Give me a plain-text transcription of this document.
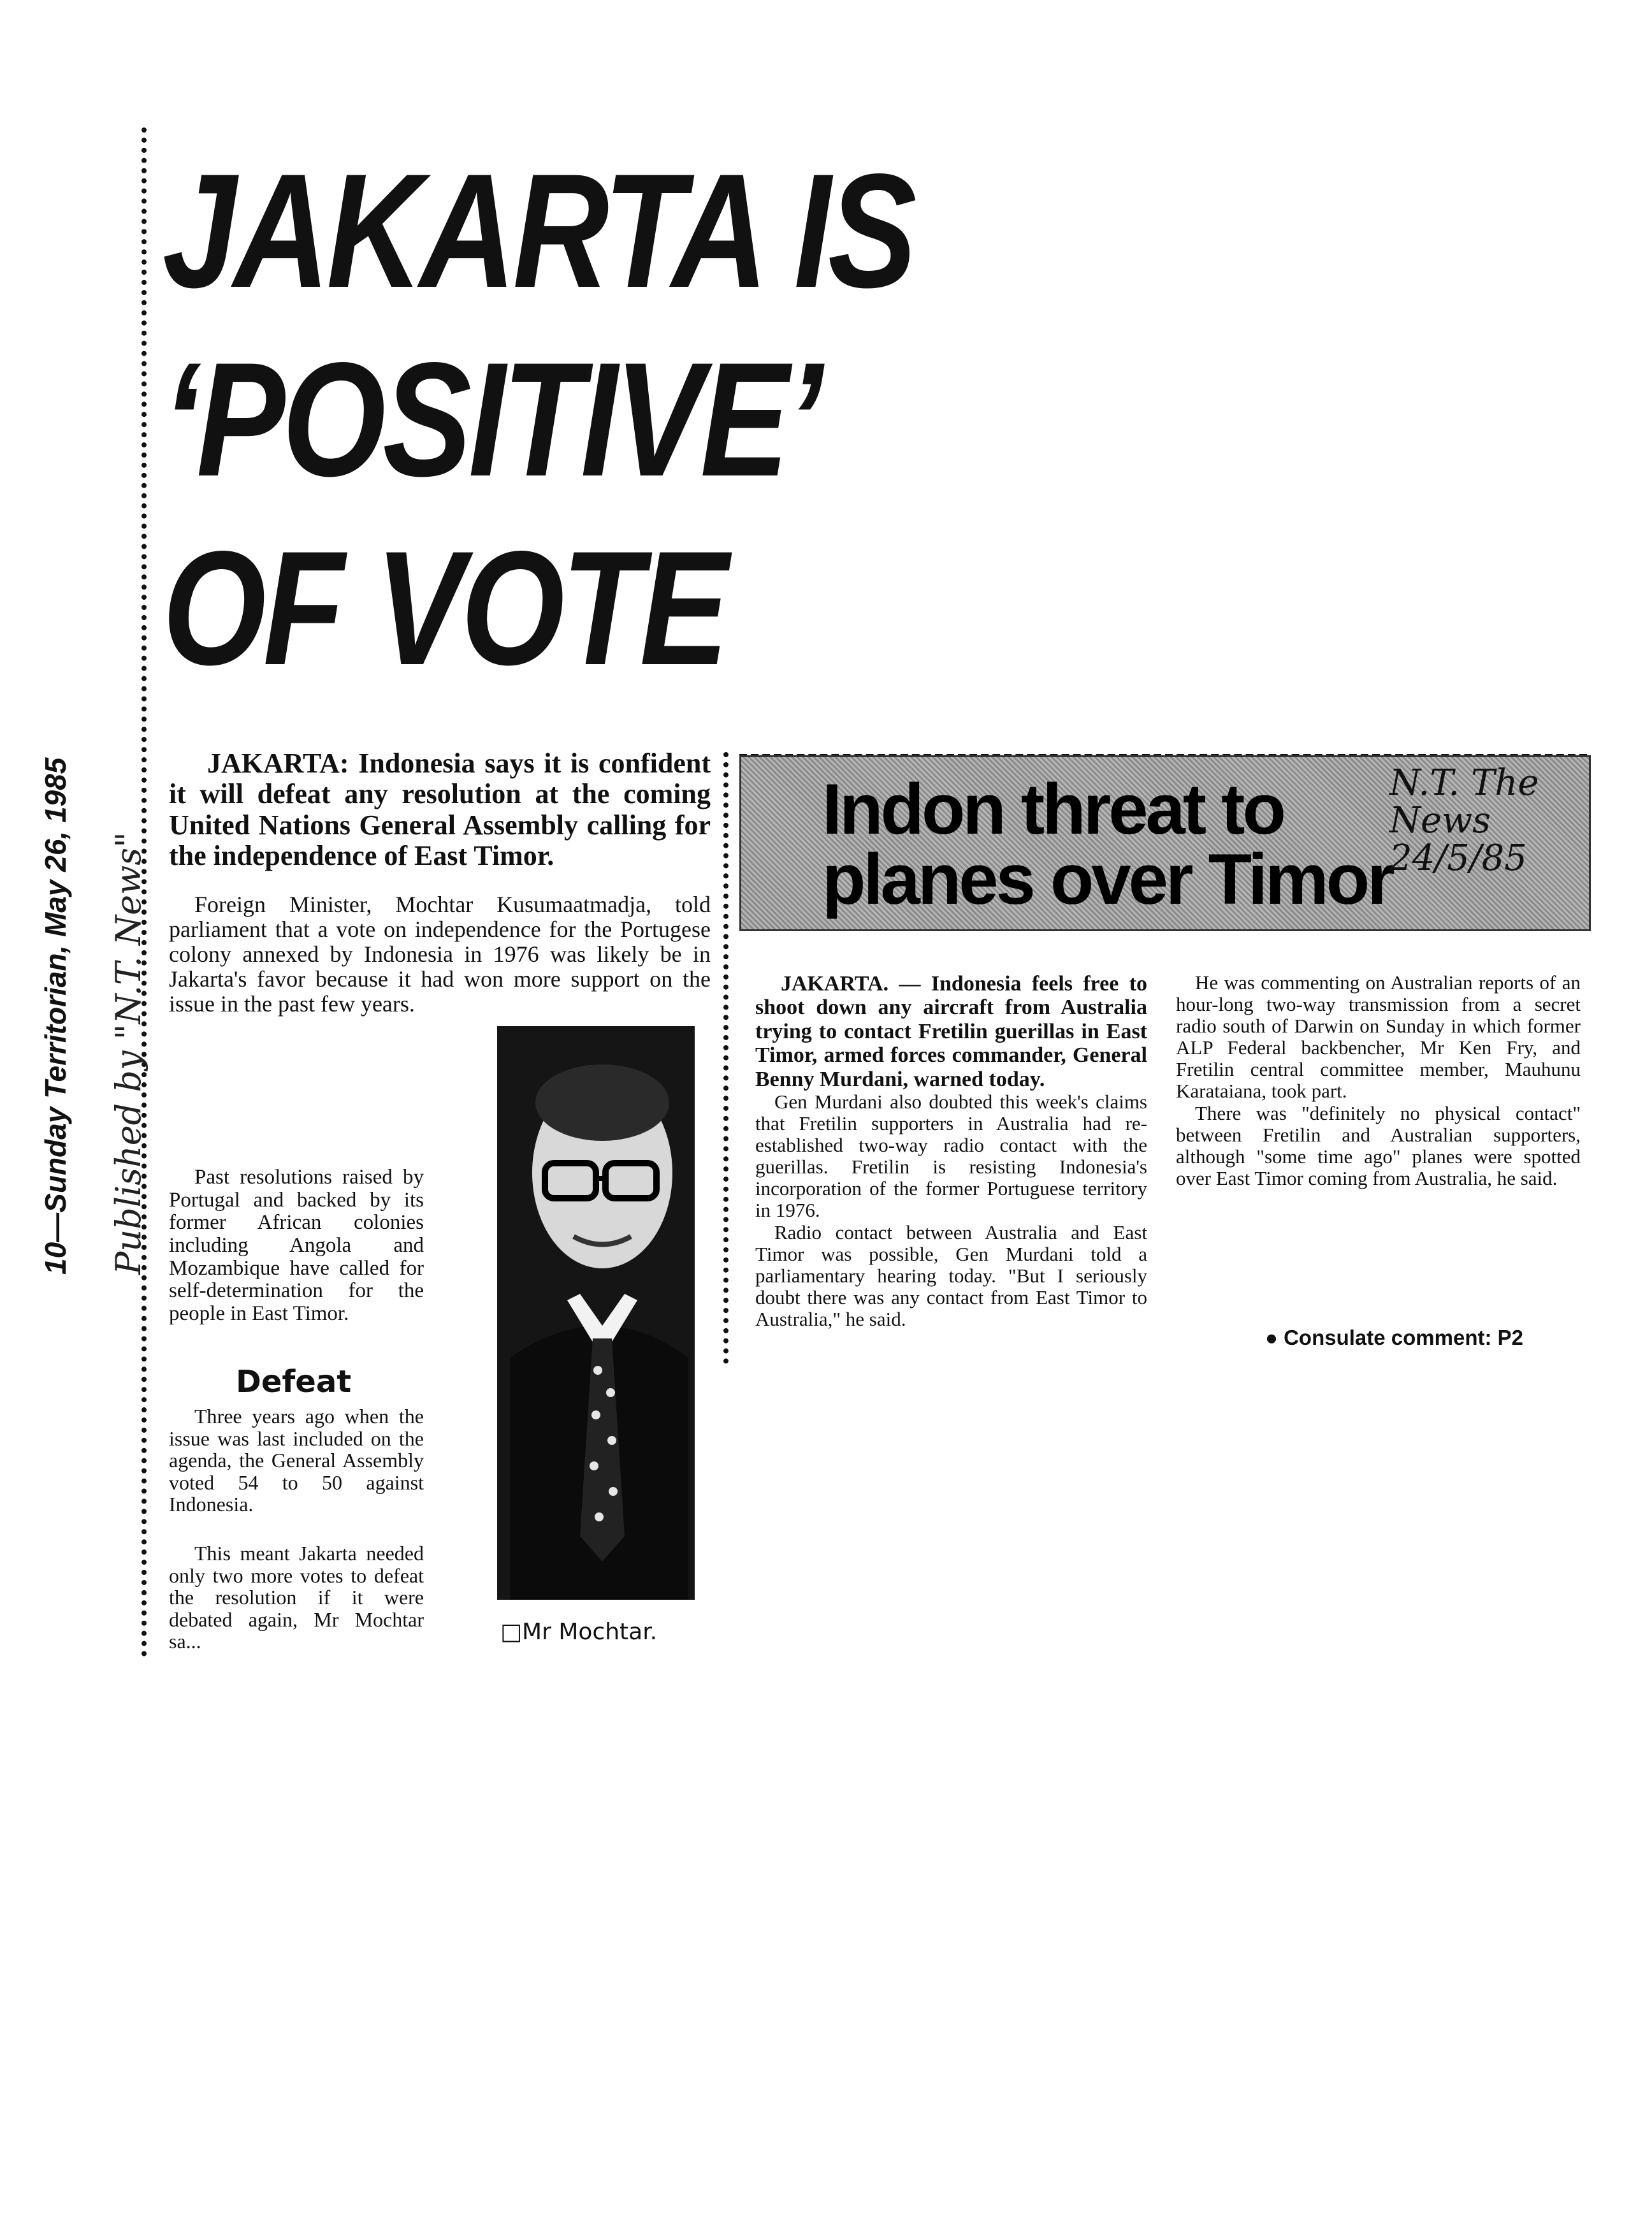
10—Sunday Territorian, May 26, 1985	Published by "N.T. News"
JAKARTA IS
‘POSITIVE’
OF VOTE

JAKARTA: Indonesia says it is confident it will defeat any resolution at the coming United Nations General Assembly calling for the independence of East Timor.

Foreign Minister, Mochtar Kusumaatmadja, told parliament that a vote on independence for the Portugese colony annexed by Indonesia in 1976 was likely be in Jakarta's favor because it had won more support on the issue in the past few years.

Past resolutions raised by Portugal and backed by its former African colonies including Angola and Mozambique have called for self-determination for the people in East Timor.

Defeat

Three years ago when the issue was last included on the agenda, the General Assembly voted 54 to 50 against Indonesia.

This meant Jakarta needed only two more votes to defeat the resolution if it were debated again, Mr Mochtar sa...	□Mr Mochtar.
Indon threat to
planes over Timor
N.T. The News 24/5/85

JAKARTA. — Indonesia feels free to shoot down any aircraft from Australia trying to contact Fretilin guerillas in East Timor, armed forces commander, General Benny Murdani, warned today.

Gen Murdani also doubted this week's claims that Fretilin supporters in Australia had re-established two-way radio contact with the guerillas. Fretilin is resisting Indonesia's incorporation of the former Portuguese territory in 1976.

Radio contact between Australia and East Timor was possible, Gen Murdani told a parliamentary hearing today. "But I seriously doubt there was any contact from East Timor to Australia," he said.

He was commenting on Australian reports of an hour-long two-way transmission from a secret radio south of Darwin on Sunday in which former ALP Federal backbencher, Mr Ken Fry, and Fretilin central committee member, Mauhunu Karataiana, took part.

There was "definitely no physical contact" between Fretilin and Australian supporters, although "some time ago" planes were spotted over East Timor coming from Australia, he said.

● Consulate comment: P2
